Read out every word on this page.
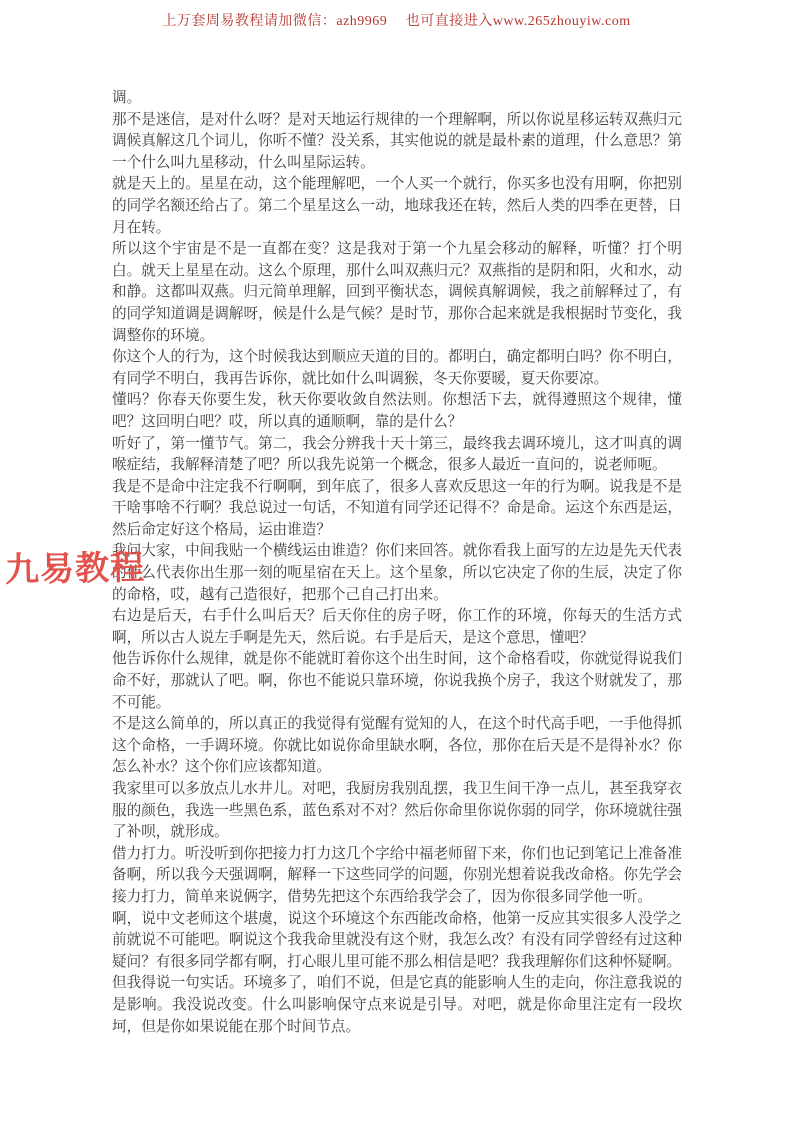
上万套周易教程请加微信：azh9969　 也可直接进入www.265zhouyiw.com

调。

那不是迷信，是对什么呀？是对天地运行规律的一个理解啊，所以你说星移运转双燕归元调候真解这几个词儿，你听不懂？没关系，其实他说的就是最朴素的道理，什么意思？第一个什么叫九星移动，什么叫星际运转。

就是天上的。星星在动，这个能理解吧，一个人买一个就行，你买多也没有用啊，你把别的同学名额还给占了。第二个星星这么一动，地球我还在转，然后人类的四季在更替，日月在转。

所以这个宇宙是不是一直都在变？这是我对于第一个九星会移动的解释，听懂？打个明白。就天上星星在动。这么个原理，那什么叫双燕归元？双燕指的是阴和阳，火和水，动和静。这都叫双燕。归元简单理解，回到平衡状态，调候真解调候，我之前解释过了，有的同学知道调是调解呀，候是什么是气候？是时节，那你合起来就是我根据时节变化，我调整你的环境。

你这个人的行为，这个时候我达到顺应天道的目的。都明白，确定都明白吗？你不明白，有同学不明白，我再告诉你，就比如什么叫调猴，冬天你要暖，夏天你要凉。

懂吗？你春天你要生发，秋天你要收敛自然法则。你想活下去，就得遵照这个规律，懂吧？这回明白吧？哎，所以真的通顺啊，靠的是什么？

听好了，第一懂节气。第二，我会分辨我十天十第三，最终我去调环境儿，这才叫真的调喉症结，我解释清楚了吧？所以我先说第一个概念，很多人最近一直问的，说老师呃。

我是不是命中注定我不行啊啊，到年底了，很多人喜欢反思这一年的行为啊。说我是不是干啥事啥不行啊？我总说过一句话，不知道有同学还记得不？命是命。运这个东西是运，然后命定好这个格局，运由谁造？

我问大家，中间我贴一个横线运由谁造？你们来回答。就你看我上面写的左边是先天代表的什么代表你出生那一刻的呃星宿在天上。这个星象，所以它决定了你的生辰，决定了你的命格，哎，越有己造很好，把那个己自己打出来。

右边是后天，右手什么叫后天？后天你住的房子呀，你工作的环境，你每天的生活方式啊，所以古人说左手啊是先天，然后说。右手是后天，是这个意思，懂吧？

他告诉你什么规律，就是你不能就盯着你这个出生时间，这个命格看哎，你就觉得说我们命不好，那就认了吧。啊，你也不能说只靠环境，你说我换个房子，我这个财就发了，那不可能。

不是这么简单的，所以真正的我觉得有觉醒有觉知的人，在这个时代高手吧，一手他得抓这个命格，一手调环境。你就比如说你命里缺水啊，各位，那你在后天是不是得补水？你怎么补水？这个你们应该都知道。

我家里可以多放点儿水井儿。对吧，我厨房我别乱摆，我卫生间干净一点儿，甚至我穿衣服的颜色，我选一些黑色系，蓝色系对不对？然后你命里你说你弱的同学，你环境就往强了补呗，就形成。

借力打力。听没听到你把接力打力这几个字给中福老师留下来，你们也记到笔记上准备准备啊，所以我今天强调啊，解释一下这些同学的问题，你别光想着说我改命格。你先学会接力打力，简单来说俩字，借势先把这个东西给我学会了，因为你很多同学他一听。

啊，说中文老师这个堪虞，说这个环境这个东西能改命格，他第一反应其实很多人没学之前就说不可能吧。啊说这个我我命里就没有这个财，我怎么改？有没有同学曾经有过这种疑问？有很多同学都有啊，打心眼儿里可能不那么相信是吧？我我理解你们这种怀疑啊。

但我得说一句实话。环境多了，咱们不说，但是它真的能影响人生的走向，你注意我说的是影响。我没说改变。什么叫影响保守点来说是引导。对吧，就是你命里注定有一段坎坷，但是你如果说能在那个时间节点。

九易教程
